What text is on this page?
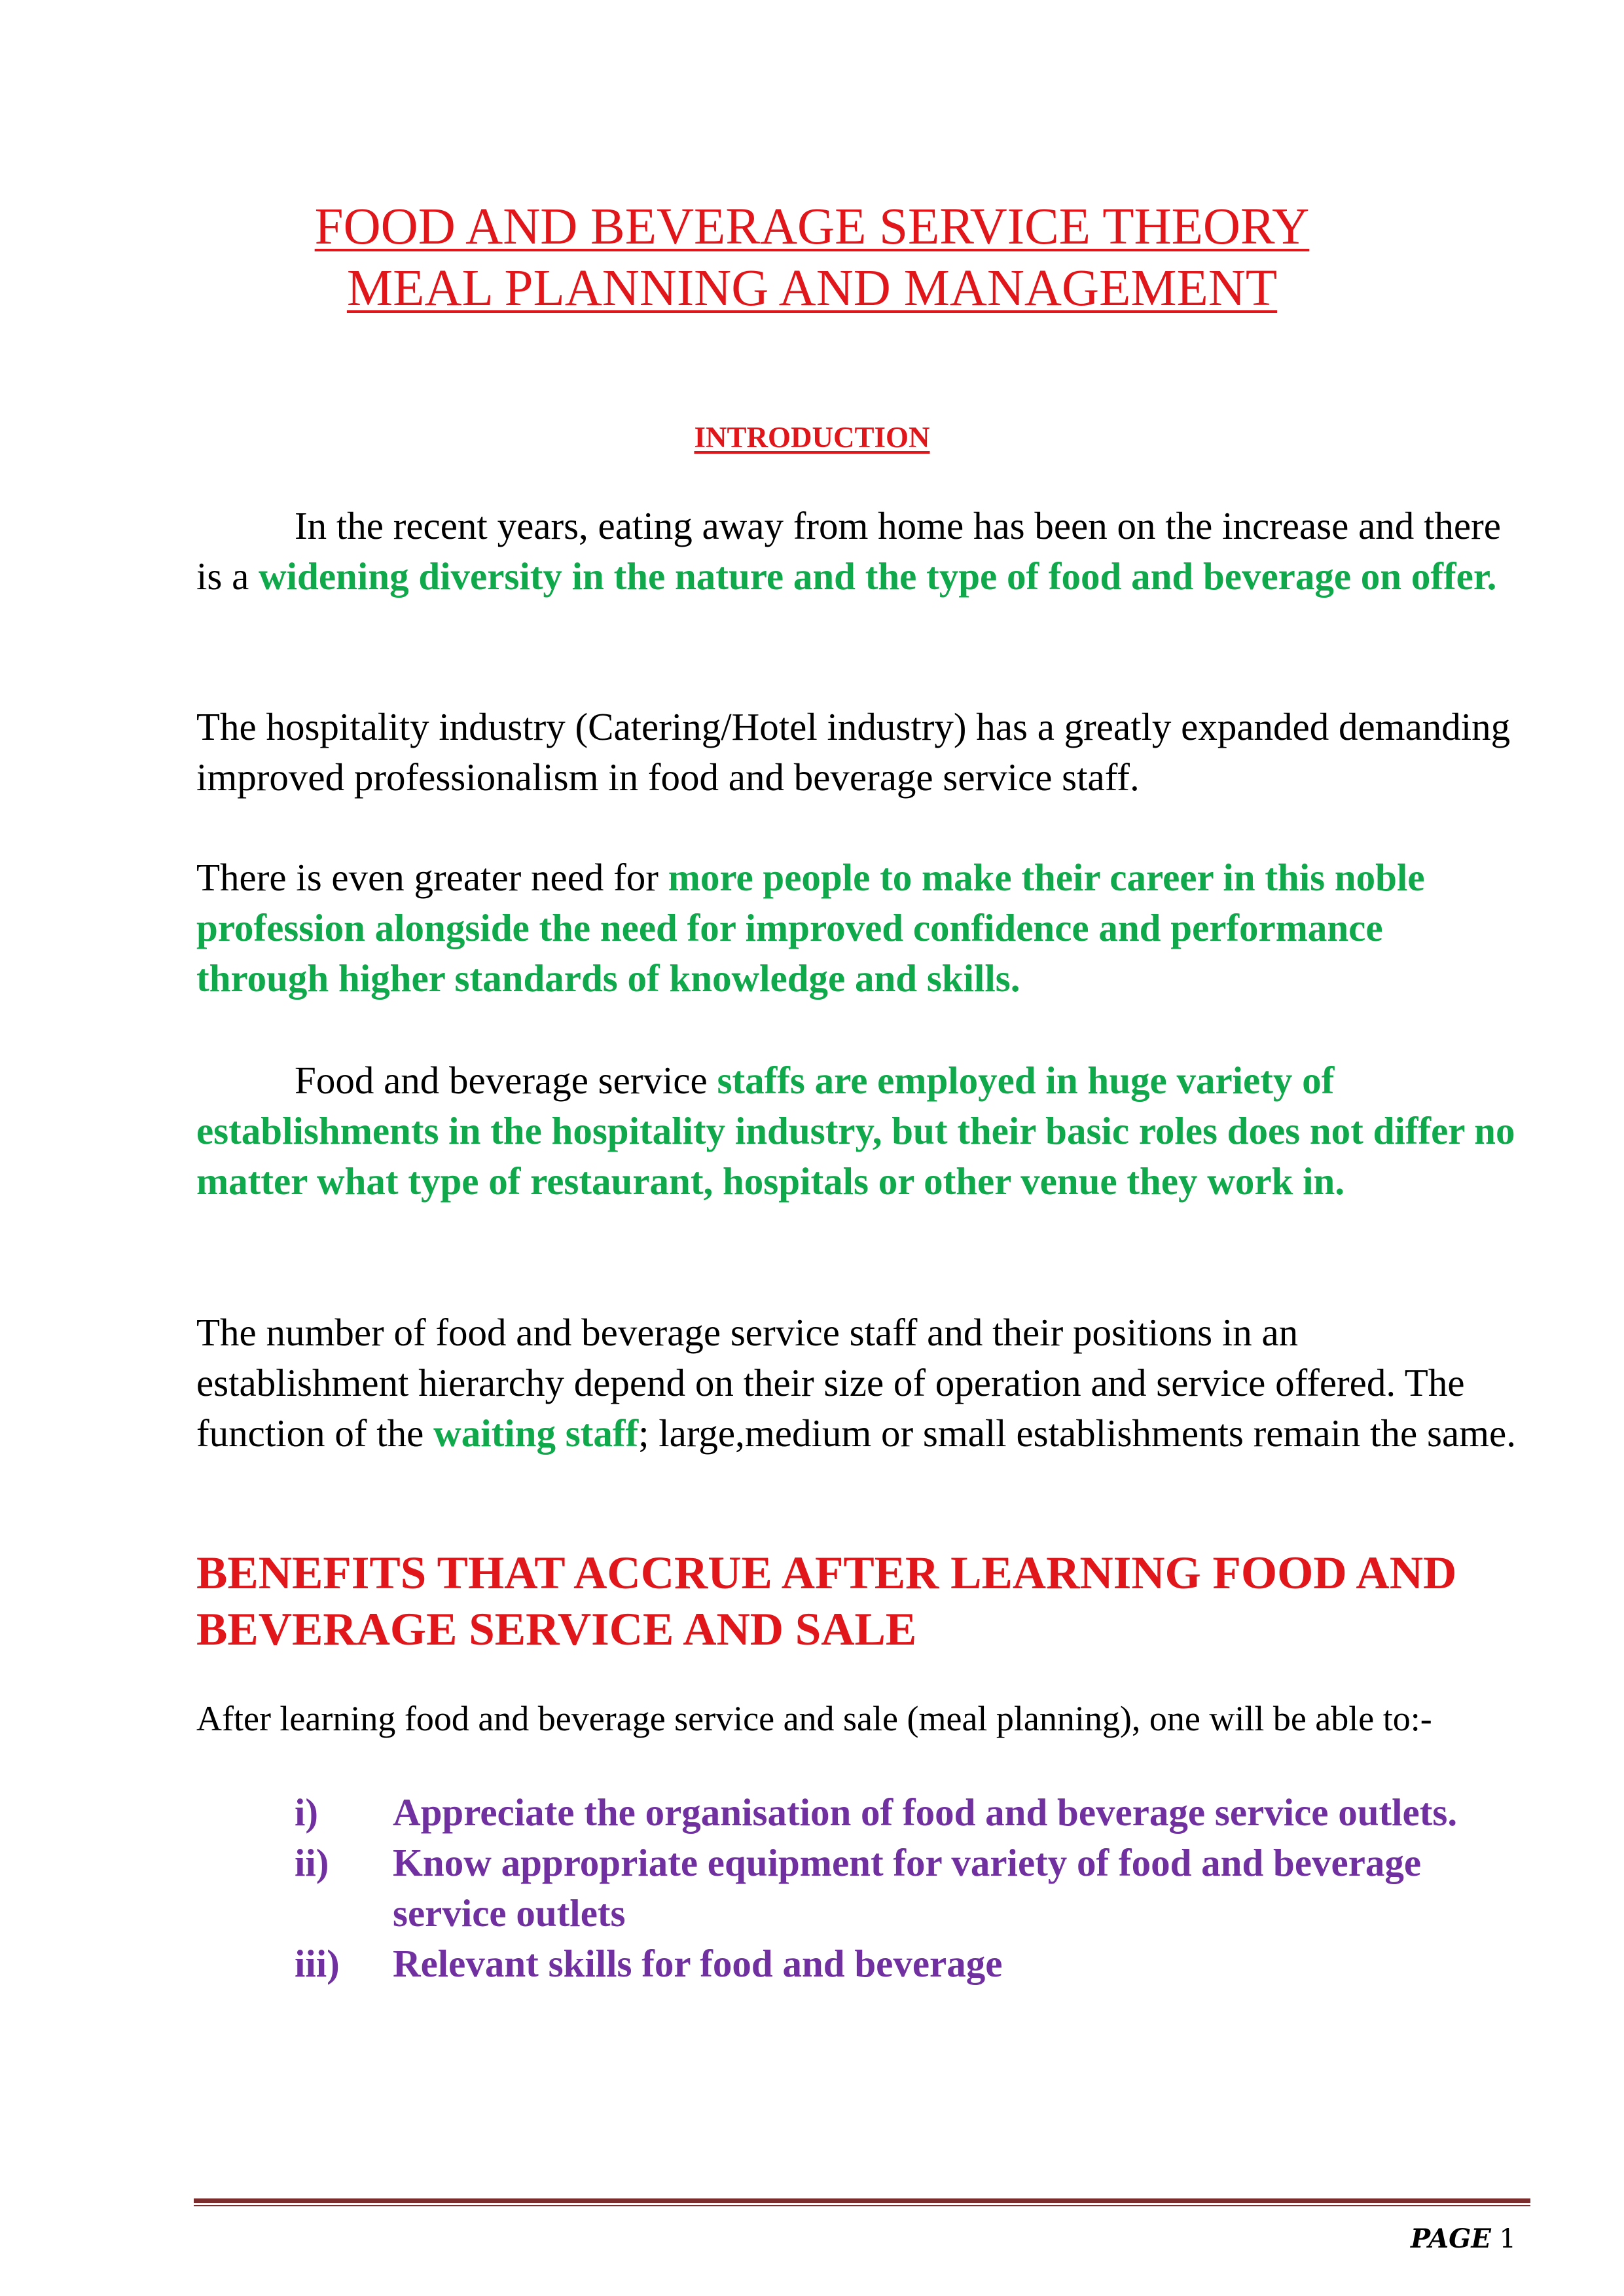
FOOD AND BEVERAGE SERVICE THEORY

MEAL PLANNING AND MANAGEMENT

INTRODUCTION

In the recent years, eating away from home has been on the increase and there is a widening diversity in the nature and the type of food and beverage on offer.

The hospitality industry (Catering/Hotel industry) has a greatly expanded demanding improved professionalism in food and beverage service staff.

There is even greater need for more people to make their career in this noble profession alongside the need for improved confidence and performance through higher standards of knowledge and skills.

Food and beverage service staffs are employed in huge variety of establishments in the hospitality industry, but their basic roles does not differ no matter what type of restaurant, hospitals or other venue they work in.

The number of food and beverage service staff and their positions in an establishment hierarchy depend on their size of operation and service offered. The function of the waiting staff; large,medium or small establishments remain the same.

BENEFITS THAT ACCRUE AFTER LEARNING FOOD AND BEVERAGE SERVICE AND SALE

After learning food and beverage service and sale (meal planning), one will be able to:-

i)	Appreciate the organisation of food and beverage service outlets.
ii)	Know appropriate equipment for variety of food and beverage service outlets
iii)	Relevant skills for food and beverage
PAGE 1
